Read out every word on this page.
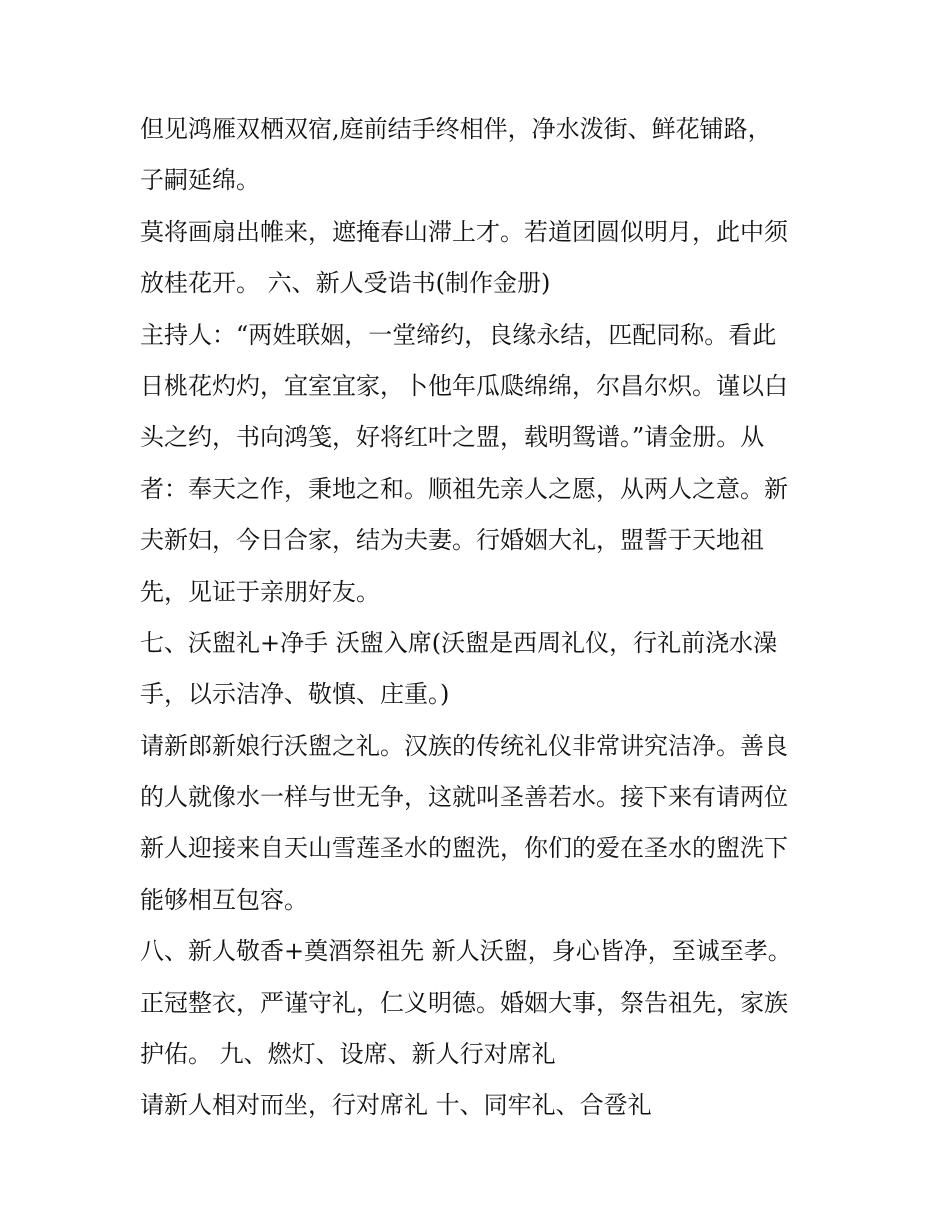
但见鸿雁双栖双宿,庭前结手终相伴，净水泼街、鲜花铺路，
子嗣延绵。
莫将画扇出帷来，遮掩春山滞上才。若道团圆似明月，此中须
放桂花开。 六、新人受诰书(制作金册)
主持人：“两姓联姻，一堂缔约，良缘永结，匹配同称。看此
日桃花灼灼，宜室宜家，卜他年瓜瓞绵绵，尔昌尔炽。谨以白
头之约，书向鸿笺，好将红叶之盟，载明鸳谱。”请金册。从
者：奉天之作，秉地之和。顺祖先亲人之愿，从两人之意。新
夫新妇，今日合家，结为夫妻。行婚姻大礼，盟誓于天地祖
先，见证于亲朋好友。
七、沃盥礼+净手 沃盥入席(沃盥是西周礼仪，行礼前浇水澡
手，以示洁净、敬慎、庄重。)
请新郎新娘行沃盥之礼。汉族的传统礼仪非常讲究洁净。善良
的人就像水一样与世无争，这就叫圣善若水。接下来有请两位
新人迎接来自天山雪莲圣水的盥洗，你们的爱在圣水的盥洗下
能够相互包容。
八、新人敬香+奠酒祭祖先 新人沃盥，身心皆净，至诚至孝。
正冠整衣，严谨守礼，仁义明德。婚姻大事，祭告祖先，家族
护佑。 九、燃灯、设席、新人行对席礼
请新人相对而坐，行对席礼 十、同牢礼、合卺礼
